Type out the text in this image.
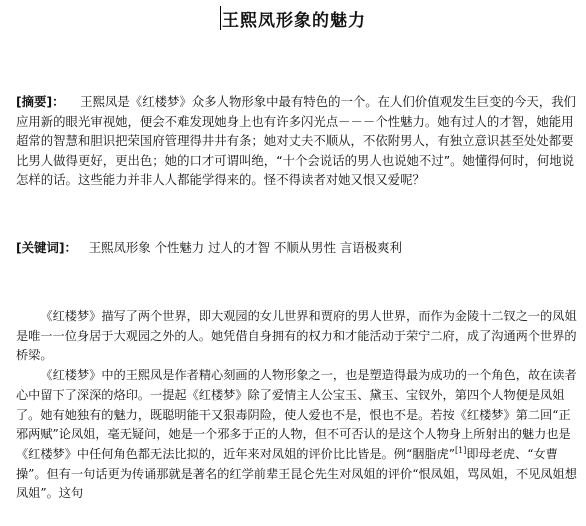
王熙凤形象的魅力

[摘要]： 王熙凤是《红楼梦》众多人物形象中最有特色的一个。在人们价值观发生巨变的今天，我们应用新的眼光审视她，便会不难发现她身上也有许多闪光点－－－个性魅力。她有过人的才智，她能用超常的智慧和胆识把荣国府管理得井井有条；她对丈夫不顺从，不依附男人，有独立意识甚至处处都要比男人做得更好，更出色；她的口才可谓叫绝，“十个会说话的男人也说她不过”。她懂得何时，何地说怎样的话。这些能力并非人人都能学得来的。怪不得读者对她又恨又爱呢？

[关键词]： 王熙凤形象 个性魅力 过人的才智 不顺从男性 言语极爽利

《红楼梦》描写了两个世界，即大观园的女儿世界和贾府的男人世界，而作为金陵十二钗之一的凤姐是唯一一位身居于大观园之外的人。她凭借自身拥有的权力和才能活动于荣宁二府，成了沟通两个世界的桥梁。

《红楼梦》中的王熙凤是作者精心刻画的人物形象之一，也是塑造得最为成功的一个角色，故在读者心中留下了深深的烙印。一提起《红楼梦》除了爱情主人公宝玉、黛玉、宝钗外，第四个人物便是凤姐了。她有她独有的魅力，既聪明能干又狠毒阴险，使人爱也不是，恨也不是。若按《红楼梦》第二回“正邪两赋”论凤姐，毫无疑问，她是一个邪多于正的人物，但不可否认的是这个人物身上所射出的魅力也是《红楼梦》中任何角色都无法比拟的，近年来对凤姐的评价比比皆是。例“胭脂虎”[1]即母老虎、“女曹操”。但有一句话更为传诵那就是著名的红学前辈王昆仑先生对凤姐的评价“恨凤姐，骂凤姐，不见凤姐想凤姐”。这句
